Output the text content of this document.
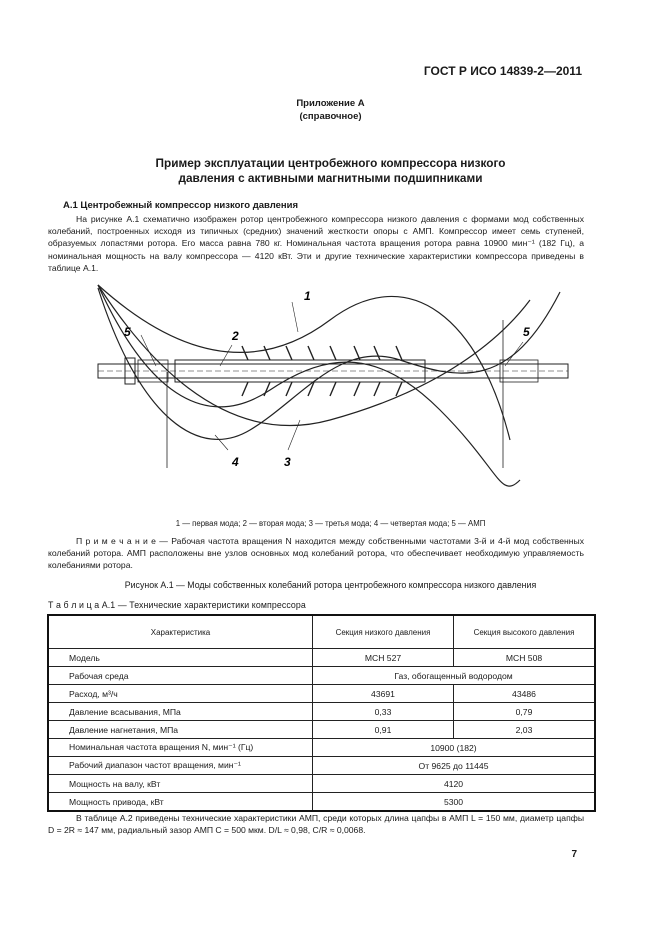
ГОСТ Р ИСО 14839-2—2011
Приложение А
(справочное)
Пример эксплуатации центробежного компрессора низкого
давления с активными магнитными подшипниками
А.1 Центробежный компрессор низкого давления

На рисунке А.1 схематично изображен ротор центробежного компрессора низкого давления с формами мод собственных колебаний, построенных исходя из типичных (средних) значений жесткости опоры с АМП. Компрессор имеет семь ступеней, образуемых лопастями ротора. Его масса равна 780 кг. Номинальная частота вращения ротора равна 10900 мин⁻¹ (182 Гц), а номинальная мощность на валу компрессора — 4120 кВт. Эти и другие технические характеристики компрессора приведены в таблице А.1.

1
2
3
4
5	5
1 — первая мода; 2 — вторая мода; 3 — третья мода; 4 — четвертая мода; 5 — АМП

П р и м е ч а н и е — Рабочая частота вращения N находится между собственными частотами 3-й и 4-й мод собственных колебаний ротора. АМП расположены вне узлов основных мод колебаний ротора, что обеспечивает необходимую управляемость колебаниями ротора.

Рисунок А.1 — Моды собственных колебаний ротора центробежного компрессора низкого давления
Т а б л и ц а А.1 — Технические характеристики компрессора
Характеристика	Секция низкого давления	Секция высокого давления
Модель	МСН 527	МСН 508
Рабочая среда	Газ, обогащенный водородом	
Расход, м³/ч	43691	43486
Давление всасывания, МПа	0,33	0,79
Давление нагнетания, МПа	0,91	2,03
Номинальная частота вращения N, мин⁻¹ (Гц)	10900 (182)	
Рабочий диапазон частот вращения, мин⁻¹	От 9625 до 11445	
Мощность на валу, кВт	4120	
Мощность привода, кВт	5300	

В таблице А.2 приведены технические характеристики АМП, среди которых длина цапфы в АМП L = 150 мм, диаметр цапфы D = 2R ≈ 147 мм, радиальный зазор АМП C = 500 мкм. D/L ≈ 0,98, C/R ≈ 0,0068.

7
